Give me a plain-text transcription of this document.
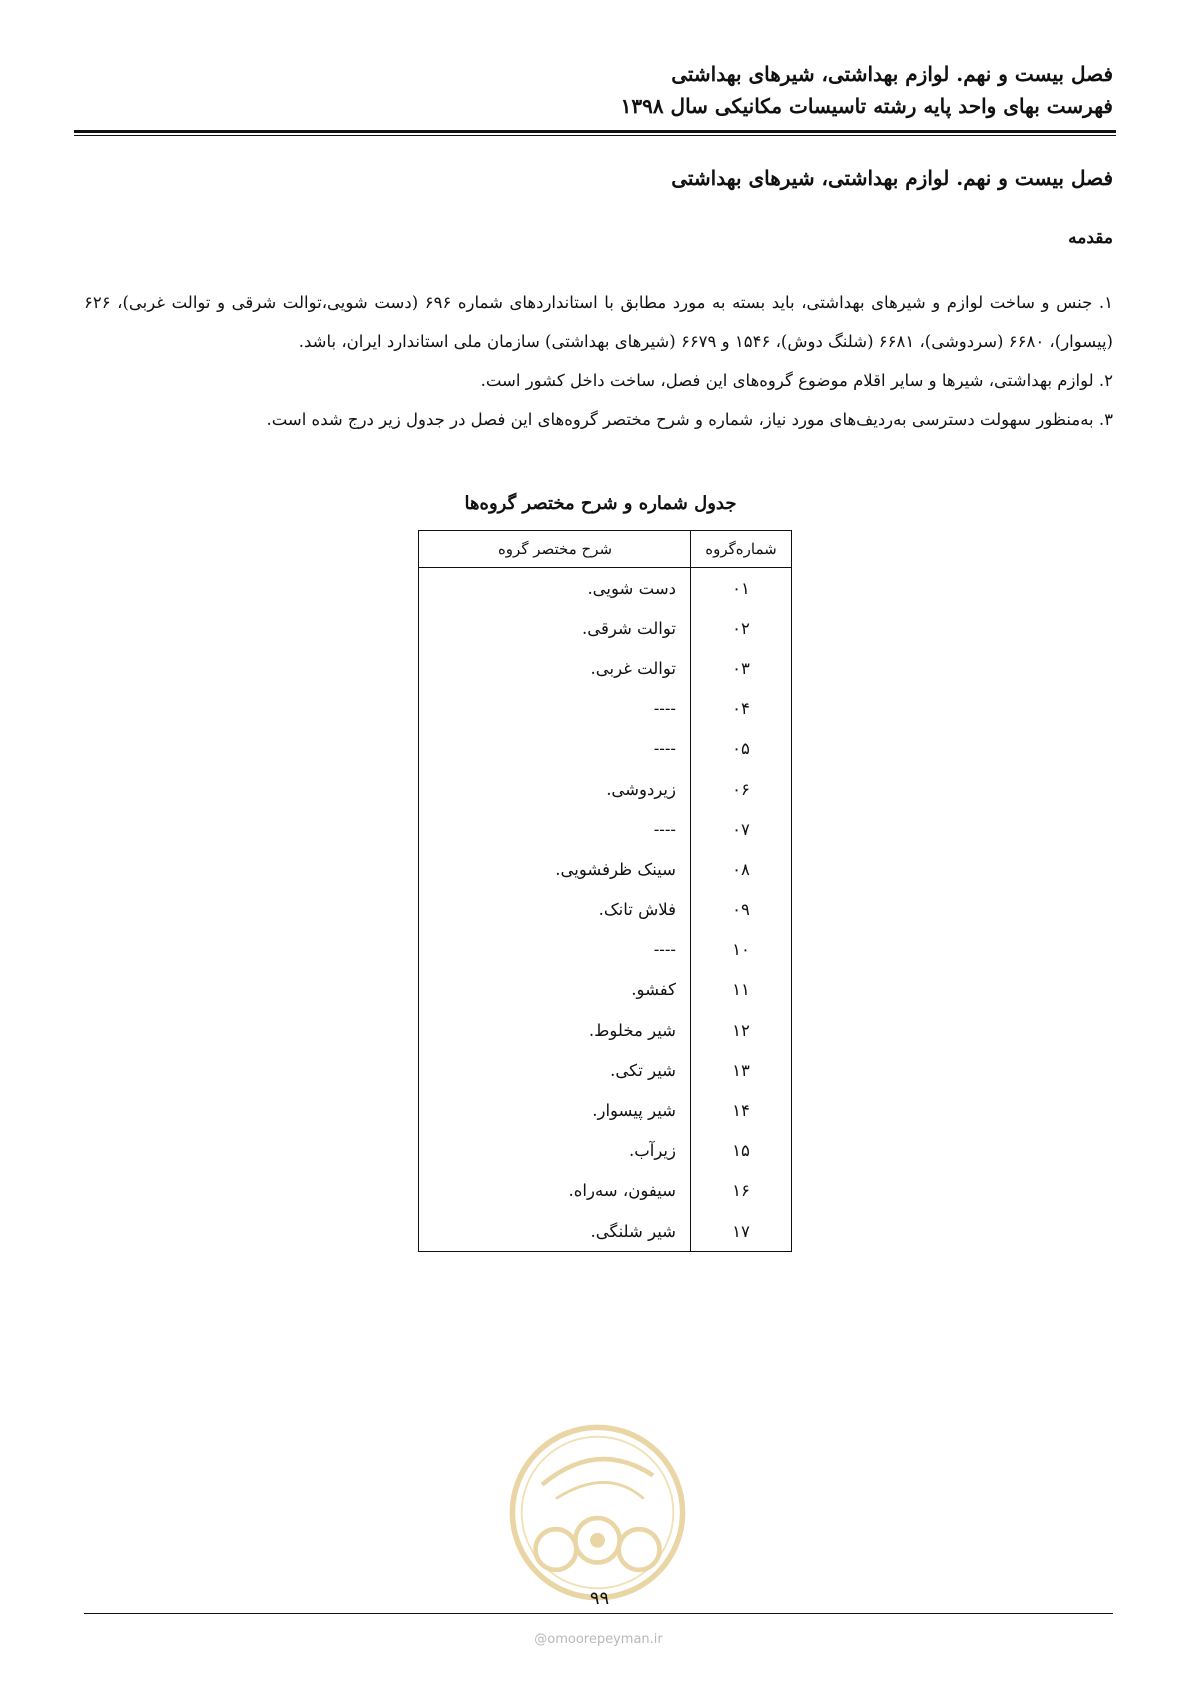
فصل بیست و نهم. لوازم بهداشتی، شیرهای بهداشتی
فهرست بهای واحد پایه رشته تاسیسات مکانیکی سال ۱۳۹۸
فصل بیست و نهم. لوازم بهداشتی، شیرهای بهداشتی
مقدمه

۱. جنس و ساخت لوازم و شیرهای بهداشتی، باید بسته به مورد مطابق با استانداردهای شماره ۶۹۶ (دست شویی،توالت شرقی و توالت غربی)، ۶۲۶ (پیسوار)، ۶۶۸۰ (سردوشی)، ۶۶۸۱ (شلنگ دوش)، ۱۵۴۶ و ۶۶۷۹ (شیرهای بهداشتی) سازمان ملی استاندارد ایران، باشد.

۲. لوازم بهداشتی، شیرها و سایر اقلام موضوع گروه‌های این فصل، ساخت داخل کشور است.

۳. به‌منظور سهولت دسترسی به‌ردیف‌های مورد نیاز، شماره و شرح مختصر گروه‌های این فصل در جدول زیر درج شده است.

جدول شماره و شرح مختصر گروه‌ها
شماره‌گروه	شرح مختصر گروه
۰۱	دست شویی.
۰۲	توالت شرقی.
۰۳	توالت غربی.
۰۴	----
۰۵	----
۰۶	زیردوشی.
۰۷	----
۰۸	سینک ظرفشویی.
۰۹	فلاش تانک.
۱۰	----
۱۱	کفشو.
۱۲	شیر مخلوط.
۱۳	شیر تکی.
۱۴	شیر پیسوار.
۱۵	زیرآب.
۱۶	سیفون، سه‌راه.
۱۷	شیر شلنگی.
۹۹
@omoorepeyman.ir
